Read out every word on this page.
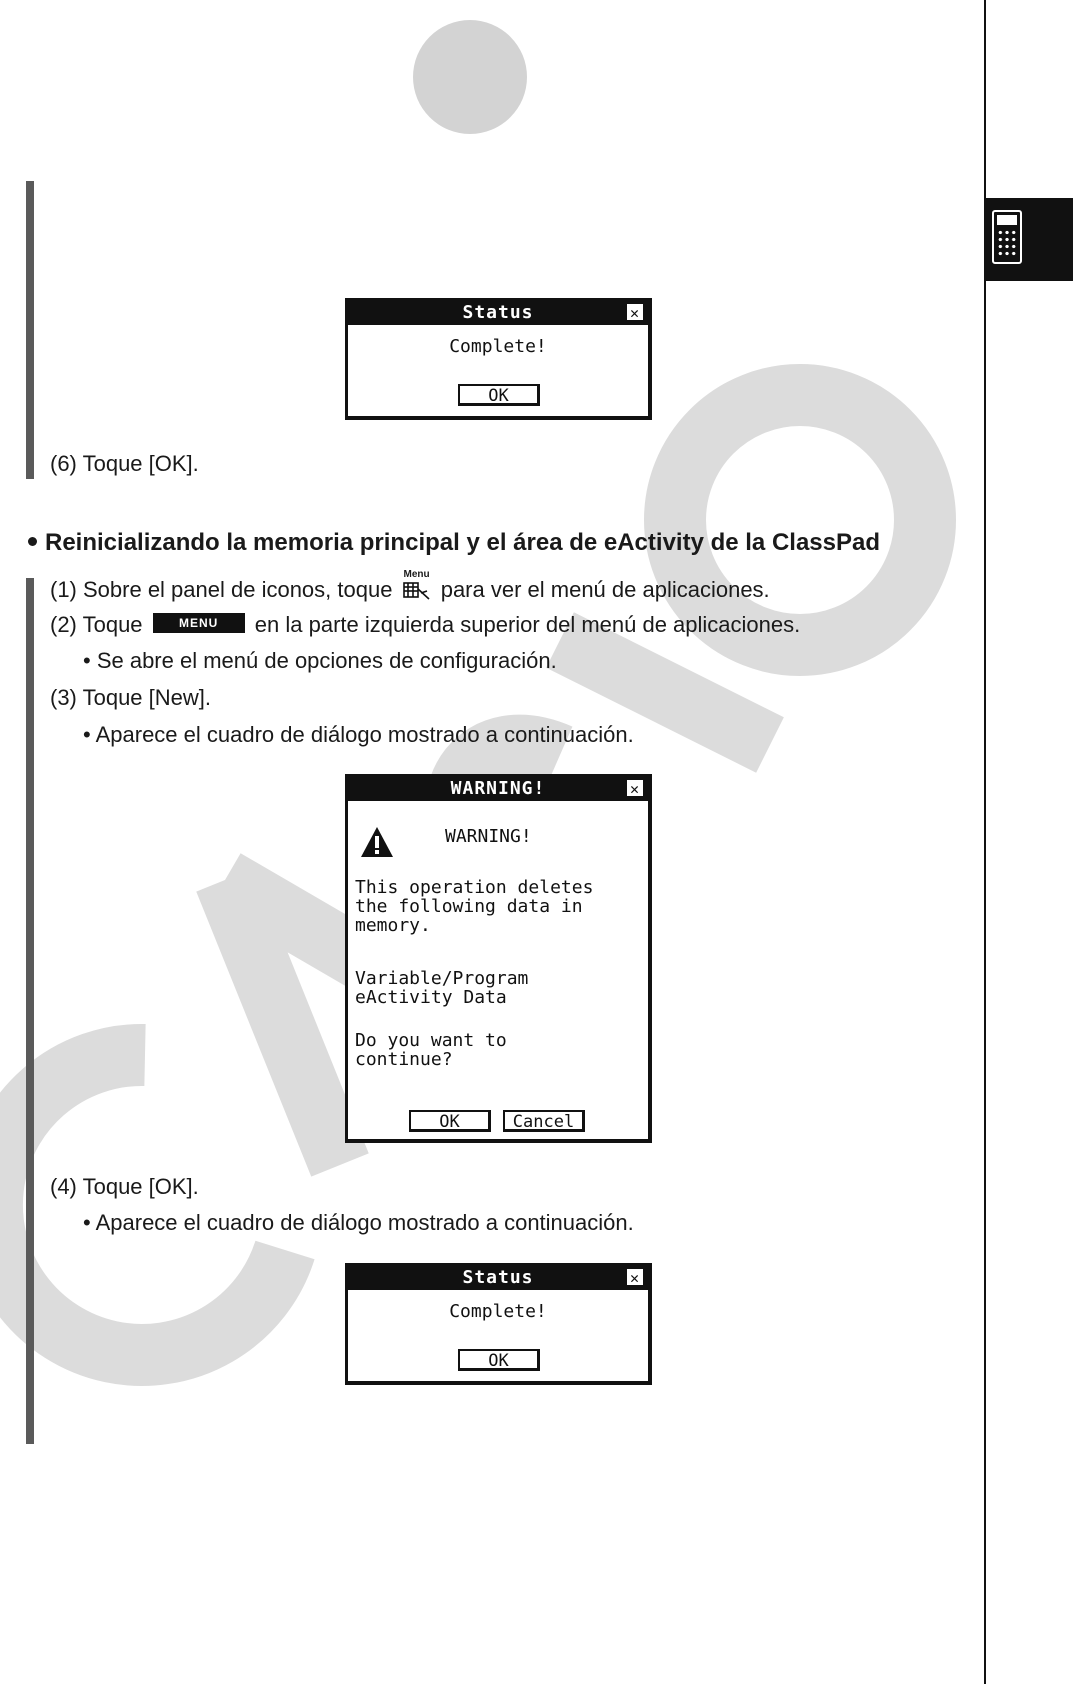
Status	✕
Complete!
OK
(6) Toque [OK].
Reinicializando la memoria principal y el área de eActivity de la ClassPad
(1) Sobre el panel de iconos, toque
Menu
para ver el menú de aplicaciones.
(2) Toque	MENU en la parte izquierda superior del menú de aplicaciones.
• Se abre el menú de opciones de configuración.
(3) Toque [New].
• Aparece el cuadro de diálogo mostrado a continuación.
WARNING!	✕
WARNING!
This operation deletes
the following data in
memory.
Variable/Program
eActivity Data
Do you want to
continue?
OK	Cancel
(4) Toque [OK].
• Aparece el cuadro de diálogo mostrado a continuación.
Status	✕
Complete!
OK
